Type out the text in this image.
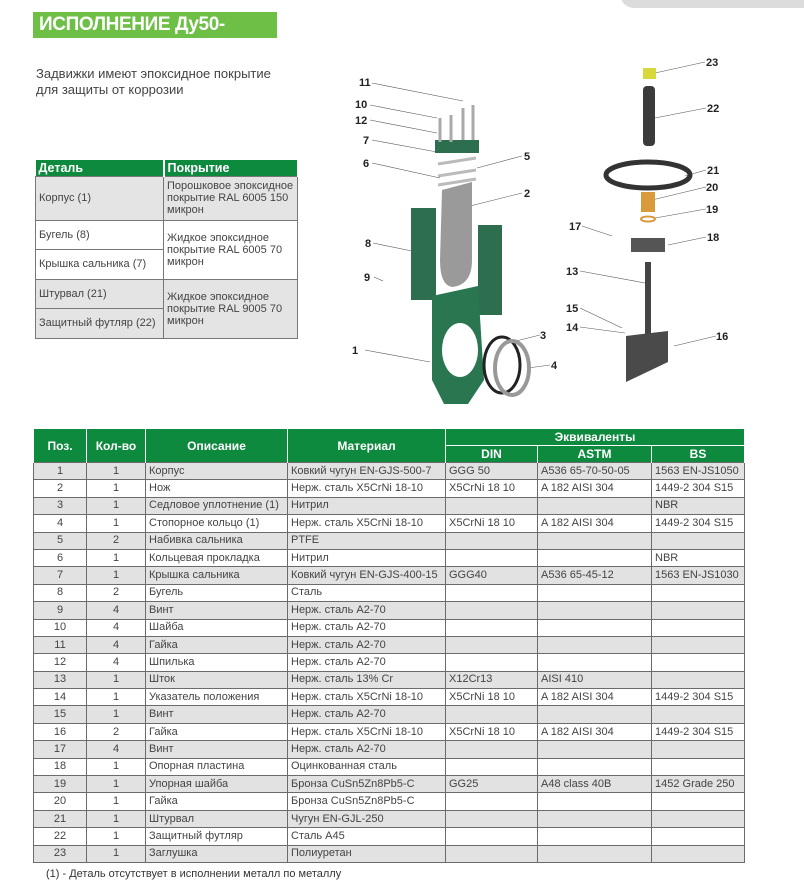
ИСПОЛНЕНИЕ Ду50-Ду300
Задвижки имеют эпоксидное покрытие для защиты от коррозии
Деталь	Покрытие
Корпус (1)	Порошковое эпоксидное покрытие RAL 6005 150 микрон
Бугель (8)	Жидкое эпоксидное покрытие RAL 6005 70 микрон
Крышка сальника (7)	
Штурвал (21)	Жидкое эпоксидное покрытие RAL 9005 70 микрон
Защитный футляр (22)	
11
10
12
7
6
5
2
8
9
1
3
4
23
22
21
20
19
17
18
13
15
14
16
Поз.	Кол-во	Описание	Материал	Эквиваленты		
				DIN	ASTM	BS
1	1	Корпус	Ковкий чугун EN-GJS-500-7	GGG 50	A536 65-70-50-05	1563 EN-JS1050
2	1	Нож	Нерж. сталь X5CrNi 18-10	X5CrNi 18 10	A 182 AISI 304	1449-2 304 S15
3	1	Седловое уплотнение (1)	Нитрил			NBR
4	1	Стопорное кольцо (1)	Нерж. сталь X5CrNi 18-10	X5CrNi 18 10	A 182 AISI 304	1449-2 304 S15
5	2	Набивка сальника	PTFE			
6	1	Кольцевая прокладка	Нитрил			NBR
7	1	Крышка сальника	Ковкий чугун EN-GJS-400-15	GGG40	A536 65-45-12	1563 EN-JS1030
8	2	Бугель	Сталь			
9	4	Винт	Нерж. сталь A2-70			
10	4	Шайба	Нерж. сталь A2-70			
11	4	Гайка	Нерж. сталь A2-70			
12	4	Шпилька	Нерж. сталь A2-70			
13	1	Шток	Нерж. сталь 13% Cr	X12Cr13	AISI 410	
14	1	Указатель положения	Нерж. сталь X5CrNi 18-10	X5CrNi 18 10	A 182 AISI 304	1449-2 304 S15
15	1	Винт	Нерж. сталь A2-70			
16	2	Гайка	Нерж. сталь X5CrNi 18-10	X5CrNi 18 10	A 182 AISI 304	1449-2 304 S15
17	4	Винт	Нерж. сталь A2-70			
18	1	Опорная пластина	Оцинкованная сталь			
19	1	Упорная шайба	Бронза CuSn5Zn8Pb5-C	GG25	A48 class 40B	1452 Grade 250
20	1	Гайка	Бронза CuSn5Zn8Pb5-C			
21	1	Штурвал	Чугун EN-GJL-250			
22	1	Защитный футляр	Сталь A45			
23	1	Заглушка	Полиуретан			
(1) - Деталь отсутствует в исполнении металл по металлу
